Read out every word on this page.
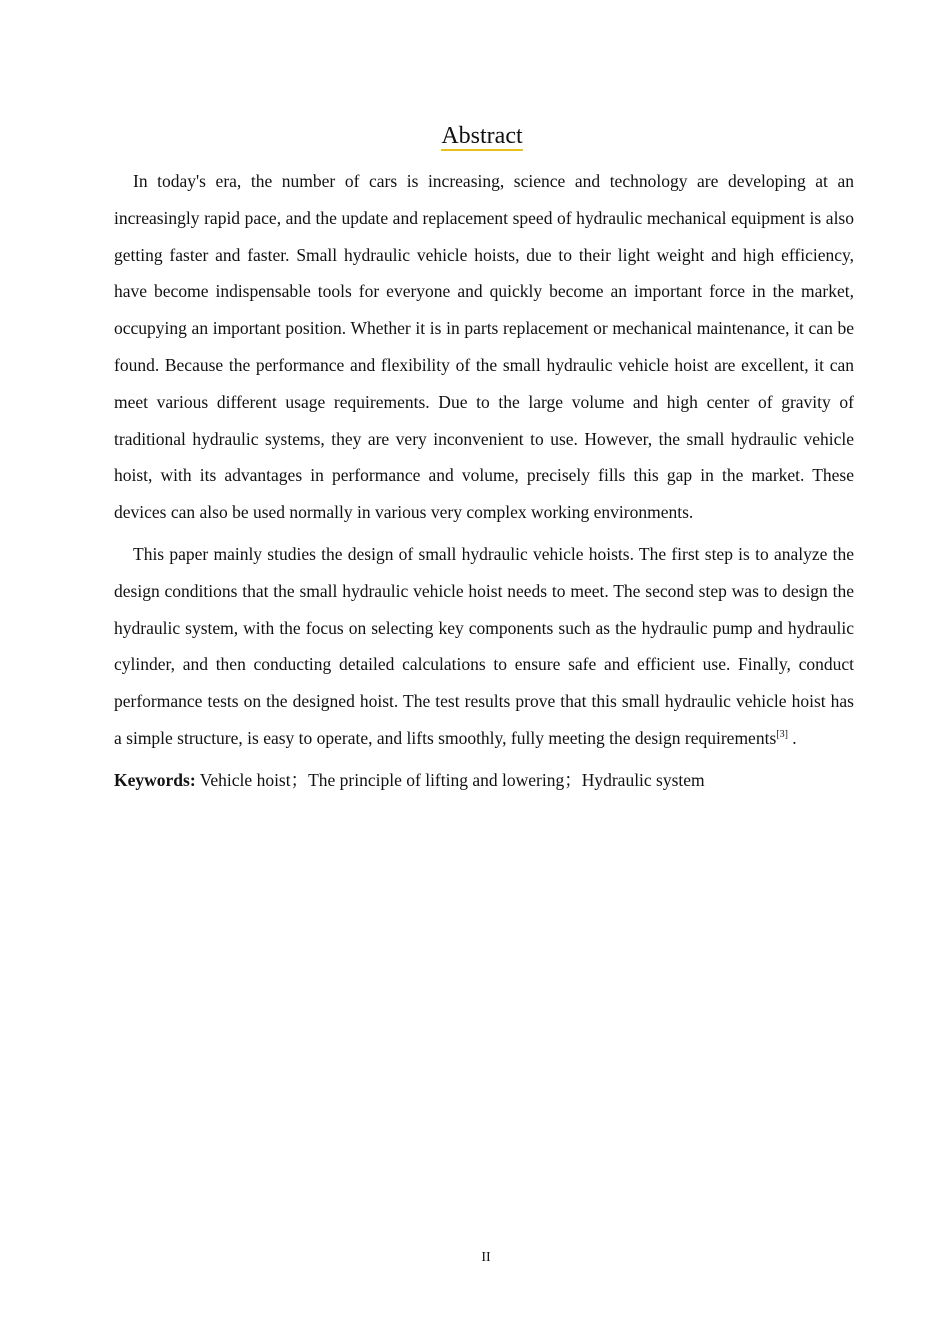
Abstract

In today's era, the number of cars is increasing, science and technology are developing at an increasingly rapid pace, and the update and replacement speed of hydraulic mechanical equipment is also getting faster and faster. Small hydraulic vehicle hoists, due to their light weight and high efficiency, have become indispensable tools for everyone and quickly become an important force in the market, occupying an important position. Whether it is in parts replacement or mechanical maintenance, it can be found. Because the performance and flexibility of the small hydraulic vehicle hoist are excellent, it can meet various different usage requirements. Due to the large volume and high center of gravity of traditional hydraulic systems, they are very inconvenient to use. However, the small hydraulic vehicle hoist, with its advantages in performance and volume, precisely fills this gap in the market. These devices can also be used normally in various very complex working environments.

This paper mainly studies the design of small hydraulic vehicle hoists. The first step is to analyze the design conditions that the small hydraulic vehicle hoist needs to meet. The second step was to design the hydraulic system, with the focus on selecting key components such as the hydraulic pump and hydraulic cylinder, and then conducting detailed calculations to ensure safe and efficient use. Finally, conduct performance tests on the designed hoist. The test results prove that this small hydraulic vehicle hoist has a simple structure, is easy to operate, and lifts smoothly, fully meeting the design requirements[3] .

Keywords: Vehicle hoist；The principle of lifting and lowering；Hydraulic system

II
